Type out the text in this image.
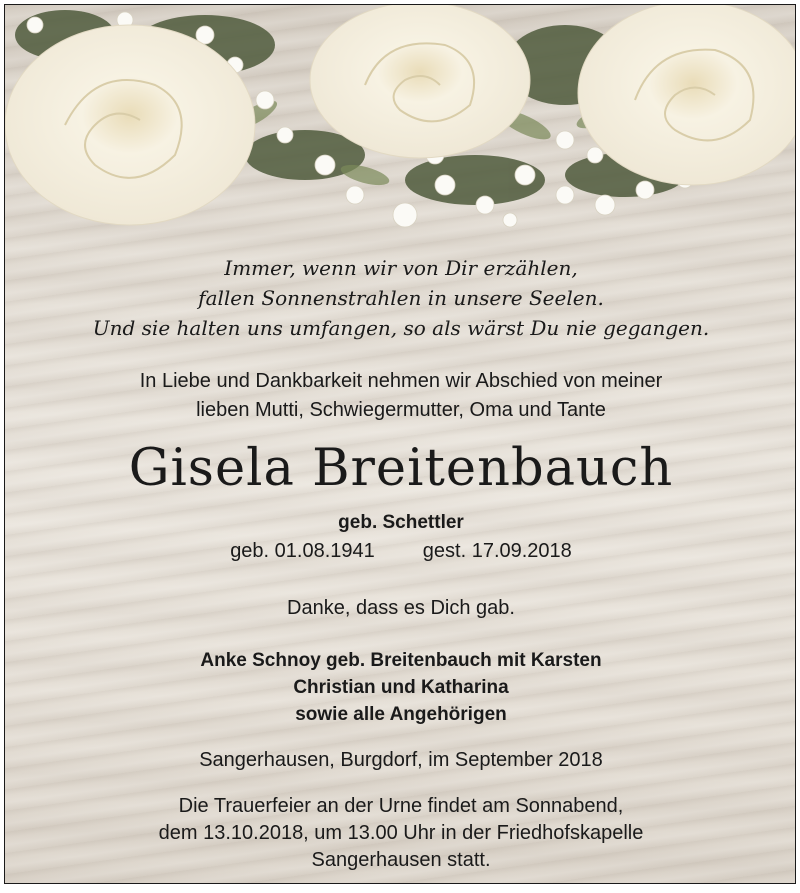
Immer, wenn wir von Dir erzählen,
fallen Sonnenstrahlen in unsere Seelen.
Und sie halten uns umfangen, so als wärst Du nie gegangen.
In Liebe und Dankbarkeit nehmen wir Abschied von meiner
lieben Mutti, Schwiegermutter, Oma und Tante
Gisela Breitenbauch
geb. Schettler
geb. 01.08.1941 gest. 17.09.2018
Danke, dass es Dich gab.
Anke Schnoy geb. Breitenbauch mit Karsten
Christian und Katharina
sowie alle Angehörigen
Sangerhausen, Burgdorf, im September 2018
Die Trauerfeier an der Urne findet am Sonnabend,
dem 13.10.2018, um 13.00 Uhr in der Friedhofskapelle
Sangerhausen statt.
